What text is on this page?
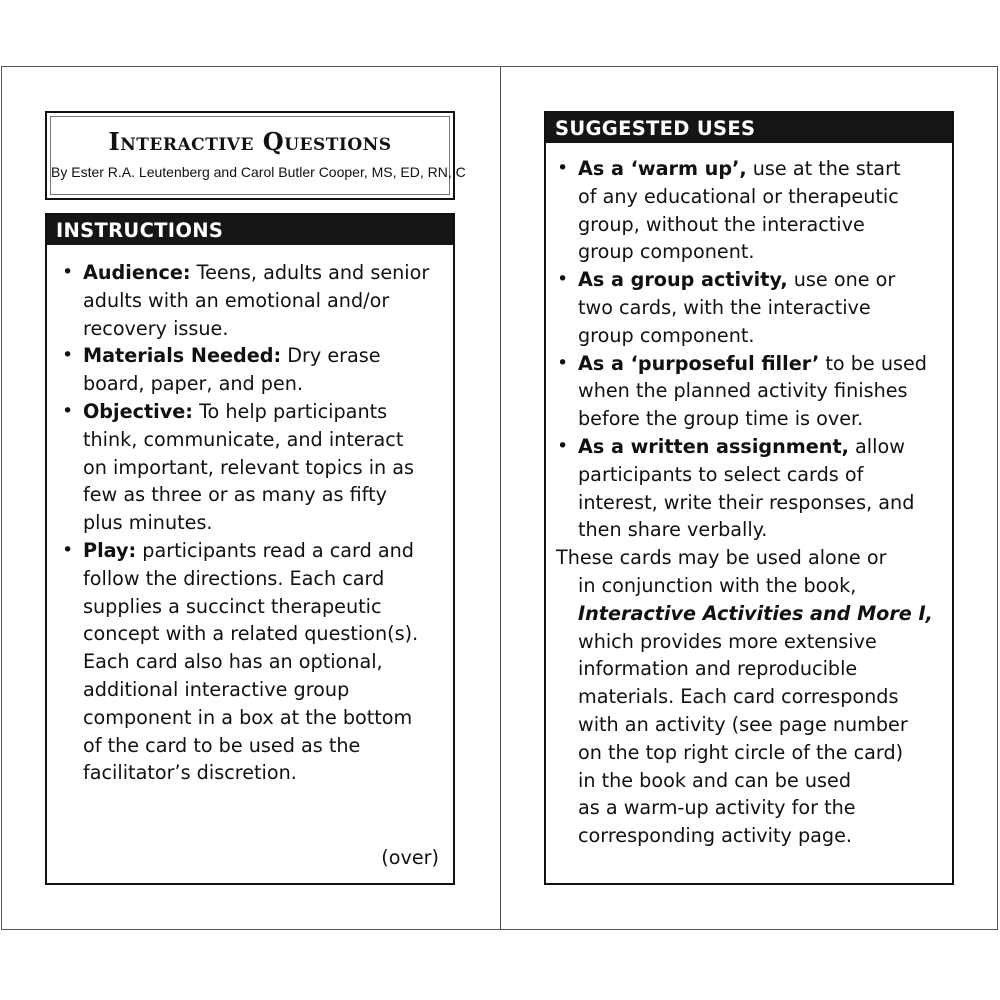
Interactive Questions
By Ester R.A. Leutenberg and Carol Butler Cooper, MS, ED, RN, C
INSTRUCTIONS
• Audience: Teens, adults and senior
adults with an emotional and/or
recovery issue.
• Materials Needed: Dry erase
board, paper, and pen.
• Objective: To help participants
think, communicate, and interact
on important, relevant topics in as
few as three or as many as fifty
plus minutes.
• Play: participants read a card and
follow the directions. Each card
supplies a succinct therapeutic
concept with a related question(s).
Each card also has an optional,
additional interactive group
component in a box at the bottom
of the card to be used as the
facilitator’s discretion.
(over)
SUGGESTED USES
• As a ‘warm up’, use at the start
of any educational or therapeutic
group, without the interactive
group component.
• As a group activity, use one or
two cards, with the interactive
group component.
• As a ‘purposeful filler’ to be used
when the planned activity finishes
before the group time is over.
• As a written assignment, allow
participants to select cards of
interest, write their responses, and
then share verbally.
These cards may be used alone or
in conjunction with the book,
Interactive Activities and More I,
which provides more extensive
information and reproducible
materials. Each card corresponds
with an activity (see page number
on the top right circle of the card)
in the book and can be used
as a warm-up activity for the
corresponding activity page.
